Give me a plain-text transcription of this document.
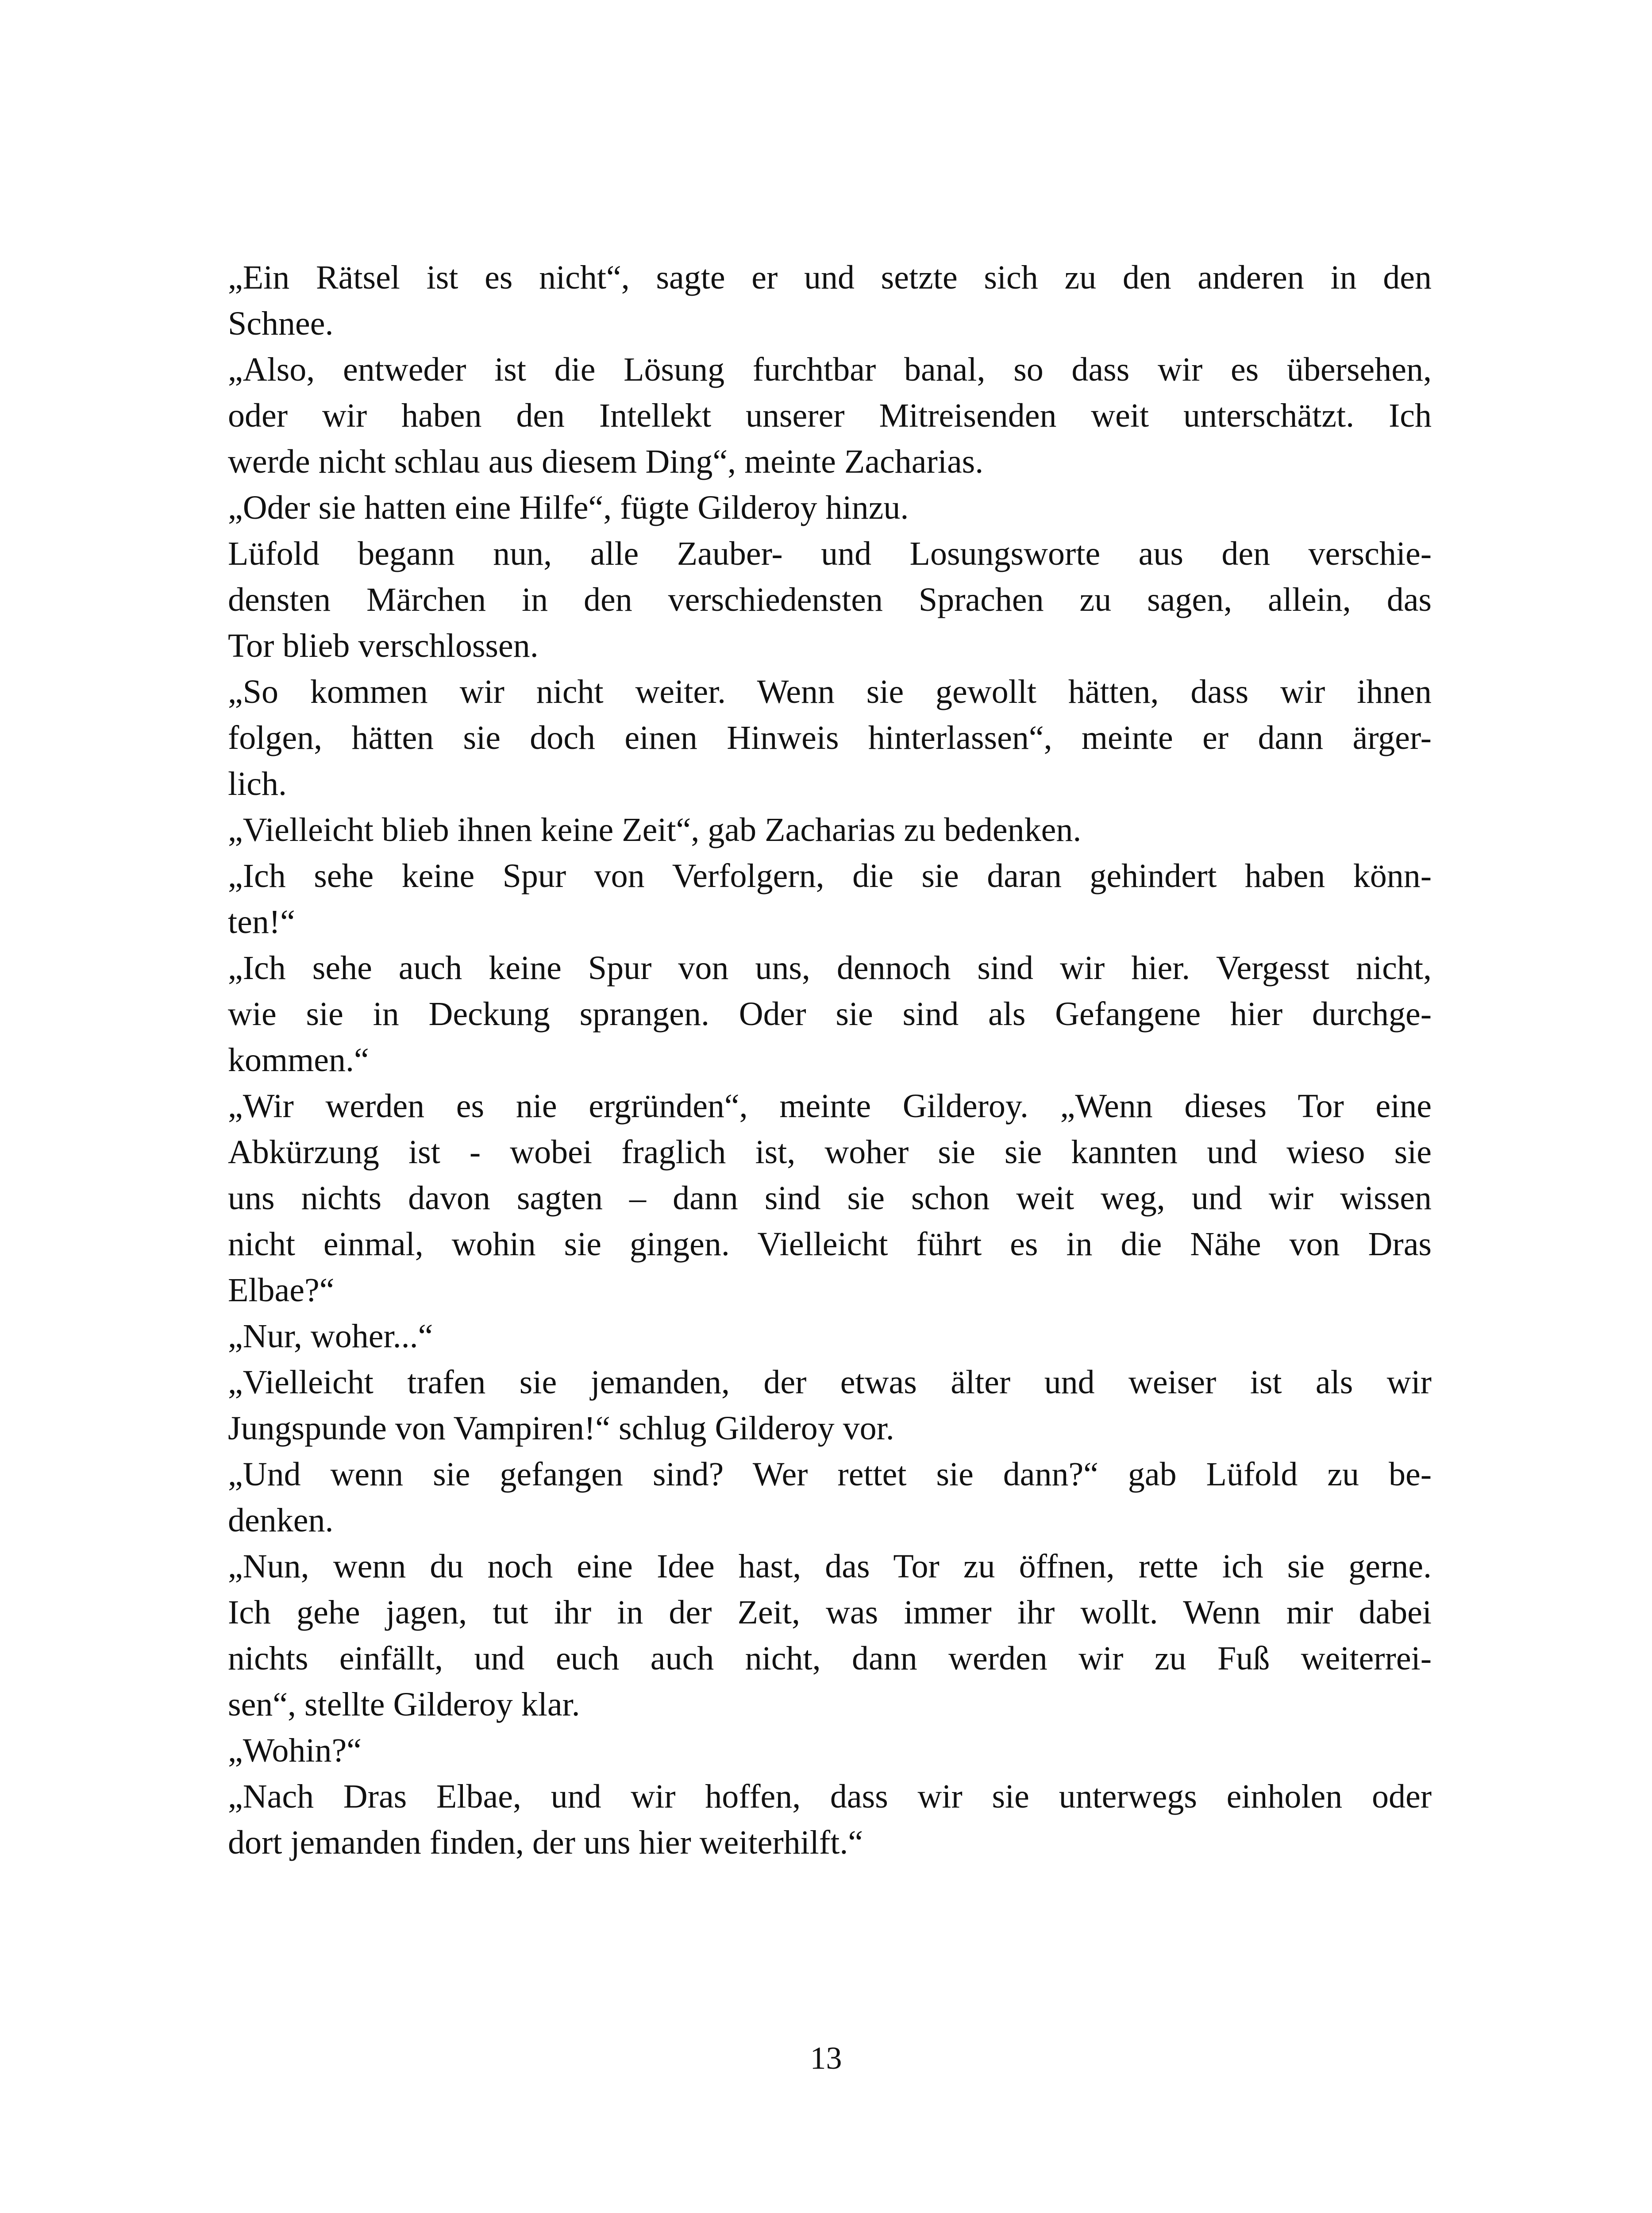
„Ein Rätsel ist es nicht“, sagte er und setzte sich zu den anderen in den
Schnee.
„Also, entweder ist die Lösung furchtbar banal, so dass wir es übersehen,
oder wir haben den Intellekt unserer Mitreisenden weit unterschätzt. Ich
werde nicht schlau aus diesem Ding“, meinte Zacharias.
„Oder sie hatten eine Hilfe“, fügte Gilderoy hinzu.
Lüfold begann nun, alle Zauber- und Losungsworte aus den verschie-
densten Märchen in den verschiedensten Sprachen zu sagen, allein, das
Tor blieb verschlossen.
„So kommen wir nicht weiter. Wenn sie gewollt hätten, dass wir ihnen
folgen, hätten sie doch einen Hinweis hinterlassen“, meinte er dann ärger-
lich.
„Vielleicht blieb ihnen keine Zeit“, gab Zacharias zu bedenken.
„Ich sehe keine Spur von Verfolgern, die sie daran gehindert haben könn-
ten!“
„Ich sehe auch keine Spur von uns, dennoch sind wir hier. Vergesst nicht,
wie sie in Deckung sprangen. Oder sie sind als Gefangene hier durchge-
kommen.“
„Wir werden es nie ergründen“, meinte Gilderoy. „Wenn dieses Tor eine
Abkürzung ist - wobei fraglich ist, woher sie sie kannten und wieso sie
uns nichts davon sagten – dann sind sie schon weit weg, und wir wissen
nicht einmal, wohin sie gingen. Vielleicht führt es in die Nähe von Dras
Elbae?“
„Nur, woher...“
„Vielleicht trafen sie jemanden, der etwas älter und weiser ist als wir
Jungspunde von Vampiren!“ schlug Gilderoy vor.
„Und wenn sie gefangen sind? Wer rettet sie dann?“ gab Lüfold zu be-
denken.
„Nun, wenn du noch eine Idee hast, das Tor zu öffnen, rette ich sie gerne.
Ich gehe jagen, tut ihr in der Zeit, was immer ihr wollt. Wenn mir dabei
nichts einfällt, und euch auch nicht, dann werden wir zu Fuß weiterrei-
sen“, stellte Gilderoy klar.
„Wohin?“
„Nach Dras Elbae, und wir hoffen, dass wir sie unterwegs einholen oder
dort jemanden finden, der uns hier weiterhilft.“
13
